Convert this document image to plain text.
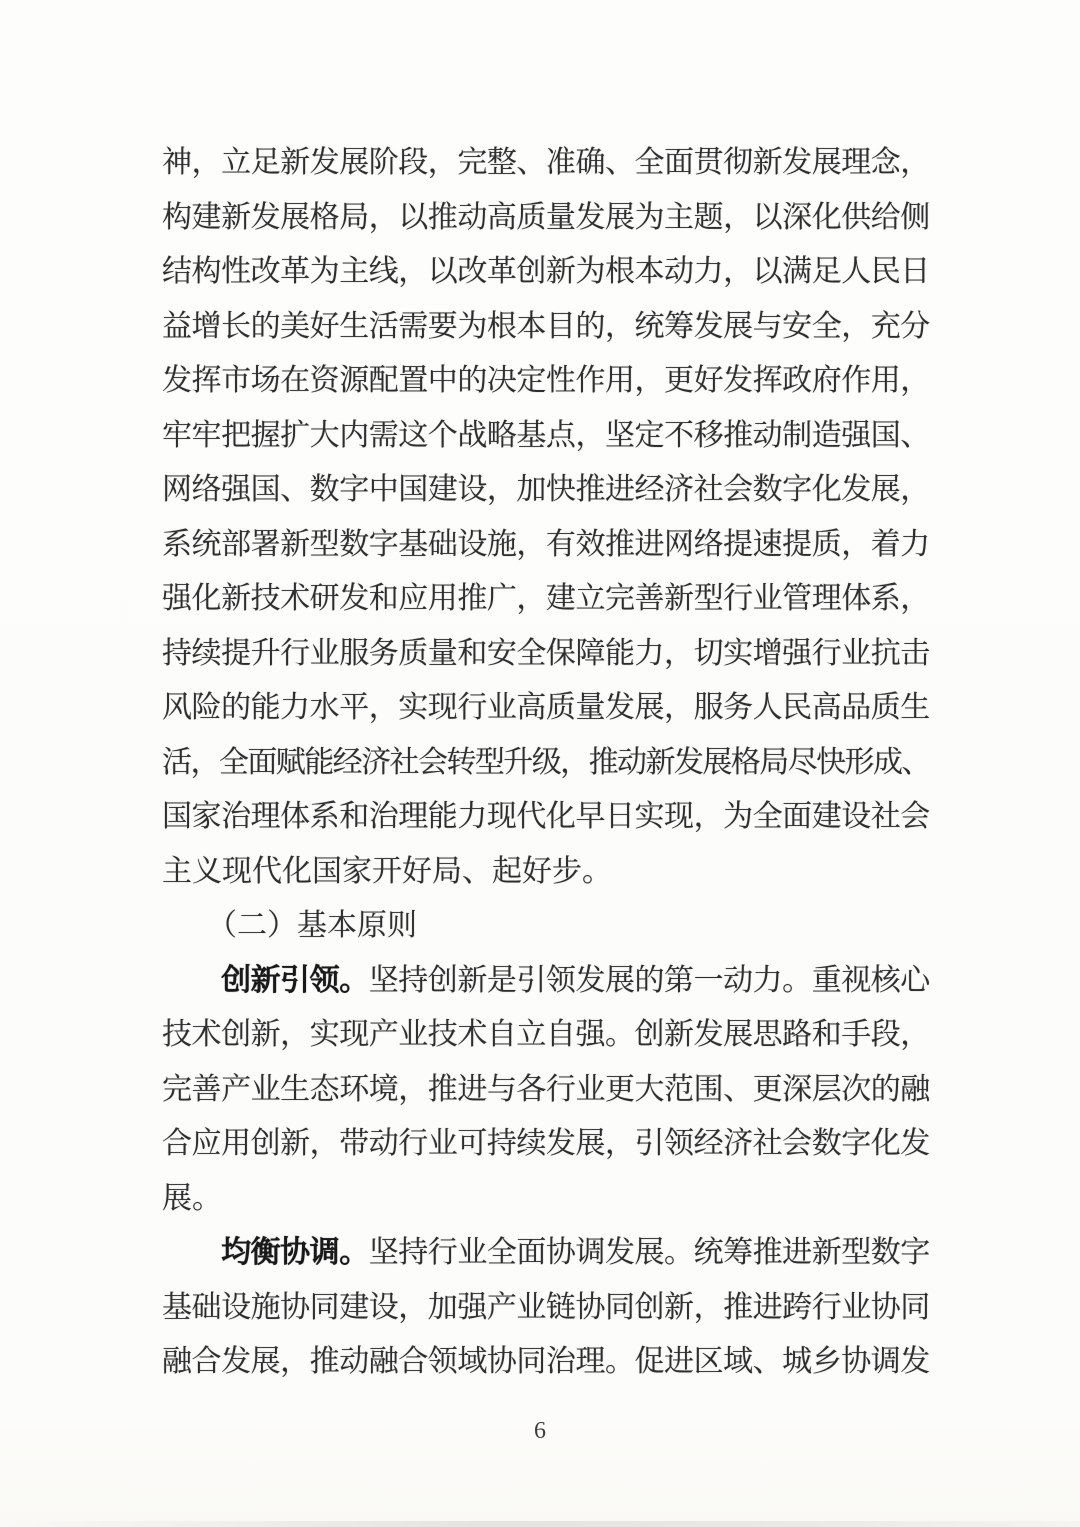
神 ， 立 足 新 发 展 阶 段 ， 完 整 、 准 确 、 全 面 贯 彻 新 发 展 理 念 ，
构 建 新 发 展 格 局 ， 以 推 动 高 质 量 发 展 为 主 题 ， 以 深 化 供 给 侧
结 构 性 改 革 为 主 线 ， 以 改 革 创 新 为 根 本 动 力 ， 以 满 足 人 民 日
益 增 长 的 美 好 生 活 需 要 为 根 本 目 的 ， 统 筹 发 展 与 安 全 ， 充 分
发 挥 市 场 在 资 源 配 置 中 的 决 定 性 作 用 ， 更 好 发 挥 政 府 作 用 ，
牢 牢 把 握 扩 大 内 需 这 个 战 略 基 点 ， 坚 定 不 移 推 动 制 造 强 国 、
网 络 强 国 、 数 字 中 国 建 设 ， 加 快 推 进 经 济 社 会 数 字 化 发 展 ，
系 统 部 署 新 型 数 字 基 础 设 施 ， 有 效 推 进 网 络 提 速 提 质 ， 着 力
强 化 新 技 术 研 发 和 应 用 推 广 ， 建 立 完 善 新 型 行 业 管 理 体 系 ，
持 续 提 升 行 业 服 务 质 量 和 安 全 保 障 能 力 ， 切 实 增 强 行 业 抗 击
风 险 的 能 力 水 平 ， 实 现 行 业 高 质 量 发 展 ， 服 务 人 民 高 品 质 生
活
，
全
面
赋
能
经
济
社
会
转
型
升
级
，
推
动
新
发
展
格
局
尽
快
形
成
、
国 家 治 理 体 系 和 治 理 能 力 现 代 化 早 日 实 现 ， 为 全 面 建 设 社 会
主义现代化国家开好局、起好步。
　　（二）基本原则

创 新 引 领 。 坚 持 创 新 是 引 领 发 展 的 第 一 动 力 。 重 视 核 心
技 术 创 新 ， 实 现 产 业 技 术 自 立 自 强 。 创 新 发 展 思 路 和 手 段 ，
完 善 产 业 生 态 环 境 ， 推 进 与 各 行 业 更 大 范 围 、 更 深 层 次 的 融
合 应 用 创 新 ， 带 动 行 业 可 持 续 发 展 ， 引 领 经 济 社 会 数 字 化 发
展。

均 衡 协 调 。 坚 持 行 业 全 面 协 调 发 展 。 统 筹 推 进 新 型 数 字
基 础 设 施 协 同 建 设 ， 加 强 产 业 链 协 同 创 新 ， 推 进 跨 行 业 协 同
融 合 发 展 ， 推 动 融 合 领 域 协 同 治 理 。 促 进 区 域 、 城 乡 协 调 发
6
